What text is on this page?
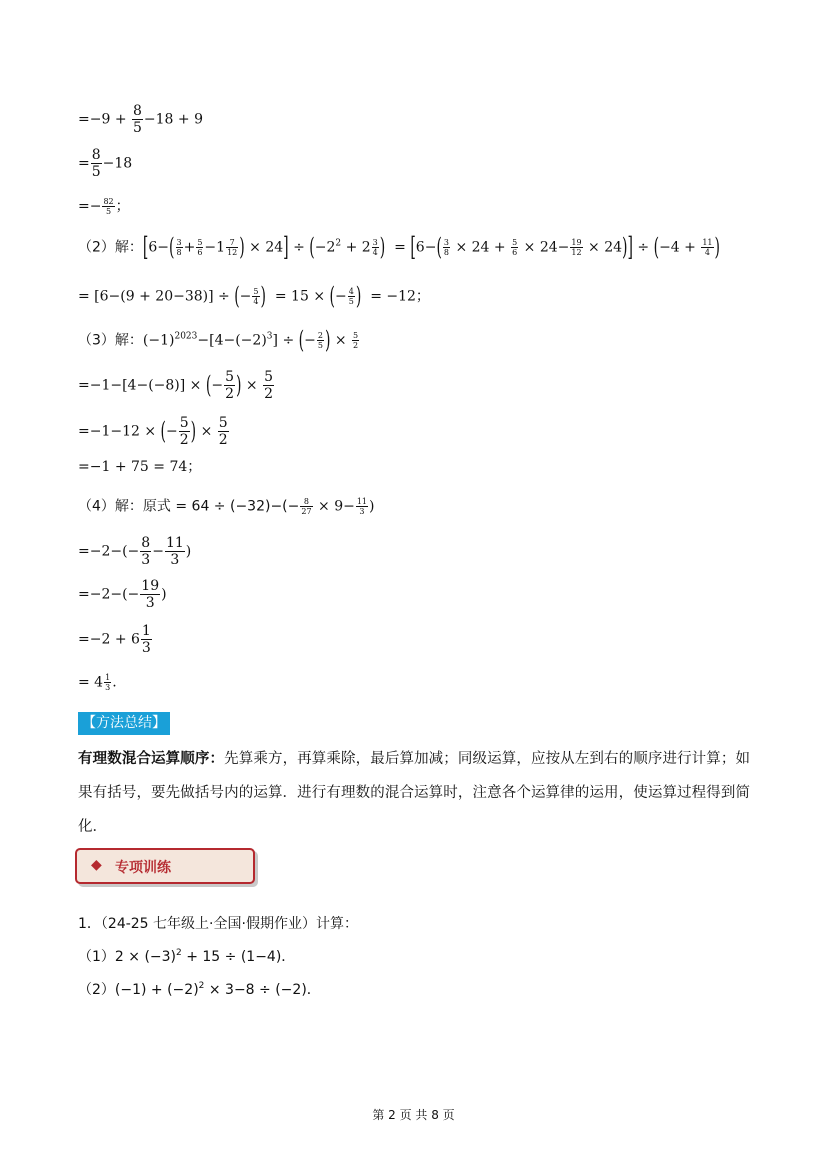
$=-9 + \frac{8}{5} -18 + 9$
= $\frac{8}{5} -18$
=− $\frac{82}{5}$ ；
（2）解：[$6-( \frac{3}{8} + \frac{5}{6} -1 \frac{7}{12}$ ) × $24] \div (-2^2 + 2 \frac{3}{4}$ ) = $[6-( \frac{3}{8} \times 24 + \frac{5}{6} \times 24- \frac{19}{12} \times 24)] \div (-4 + \frac{11}{4}$ )
= [6−(9 + 20−38)] ÷ (− $\frac{5}{4}$ ) = 15 × (− $\frac{4}{5}$ ) = −12；
（3）解：$(-1)^{2023}-[4-(-2)^3]$ ÷ (− $\frac{2}{5}$ ) × $\frac{5}{2}$
=−1−[4−(−8)] × (− $\frac{5}{2}$ ) × $\frac{5}{2}$
=−1−12 × (− $\frac{5}{2}$ ) × $\frac{5}{2}$
=−1 + 75 = 74；
（4）解：原式 = $64 \div (-32)-(- \frac{8}{27} \times 9- \frac{11}{3}$ )
$=-2-(- \frac{8}{3} - \frac{11}{3}$ )
$=-2-(- \frac{19}{3}$ )
$=-2 + 6 \frac{1}{3}$
= $4 \frac{1}{3}$ .
【方法总结】
有理数混合运算顺序：先算乘方，再算乘除，最后算加减；同级运算，应按从左到右的顺序进行计算；如果有括号，要先做括号内的运算．进行有理数的混合运算时，注意各个运算律的运用，使运算过程得到简化．
◆ 专项训练
1．（24-25 七年级上·全国·假期作业）计算：
$(1)2 \times (-3)^2 + 15 \div (1-4)$．
$(2)(-1) + (-2)^2 \times 3-8 \div (-2)$．
第 2 页 共 8 页
